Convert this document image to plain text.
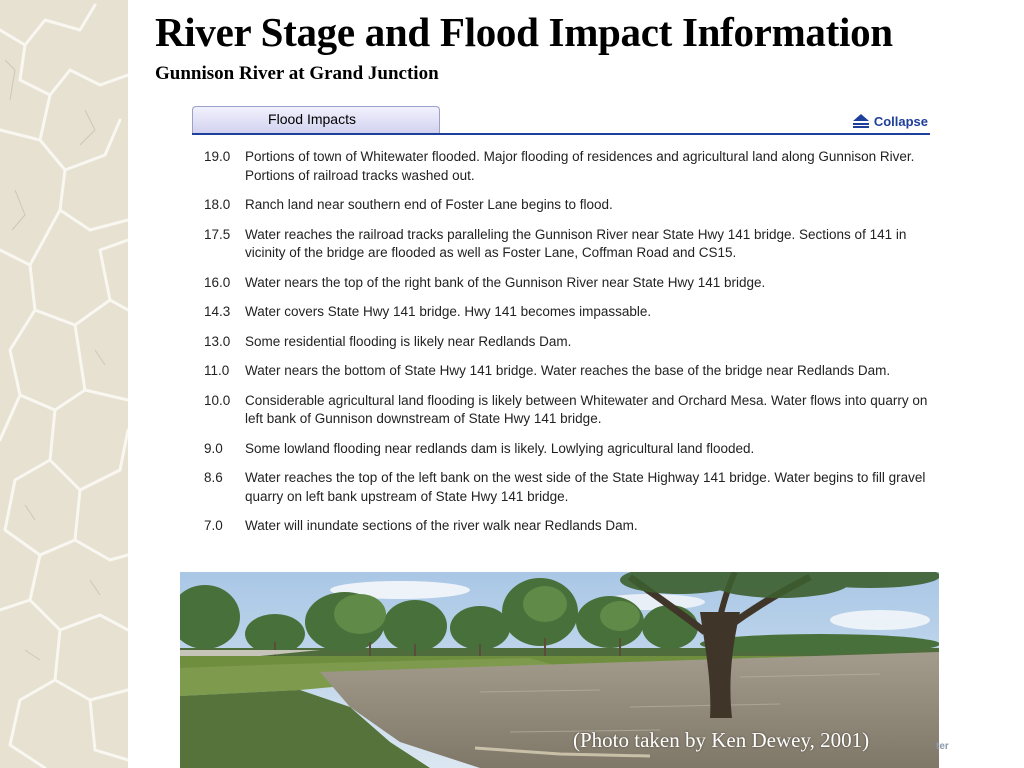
River Stage and Flood Impact Information
Gunnison River at Grand Junction
Flood Impacts	Collapse
19.0	Portions of town of Whitewater flooded. Major flooding of residences and agricultural land along Gunnison River. Portions of railroad tracks washed out.
18.0	Ranch land near southern end of Foster Lane begins to flood.
17.5	Water reaches the railroad tracks paralleling the Gunnison River near State Hwy 141 bridge. Sections of 141 in vicinity of the bridge are flooded as well as Foster Lane, Coffman Road and CS15.
16.0	Water nears the top of the right bank of the Gunnison River near State Hwy 141 bridge.
14.3	Water covers State Hwy 141 bridge. Hwy 141 becomes impassable.
13.0	Some residential flooding is likely near Redlands Dam.
11.0	Water nears the bottom of State Hwy 141 bridge. Water reaches the base of the bridge near Redlands Dam.
10.0	Considerable agricultural land flooding is likely between Whitewater and Orchard Mesa. Water flows into quarry on left bank of Gunnison downstream of State Hwy 141 bridge.
9.0	Some lowland flooding near redlands dam is likely. Lowlying agricultural land flooded.
8.6	Water reaches the top of the left bank on the west side of the State Highway 141 bridge. Water begins to fill gravel quarry on left bank upstream of State Hwy 141 bridge.
7.0	Water will inundate sections of the river walk near Redlands Dam.
(Photo taken by Ken Dewey, 2001)	ter
